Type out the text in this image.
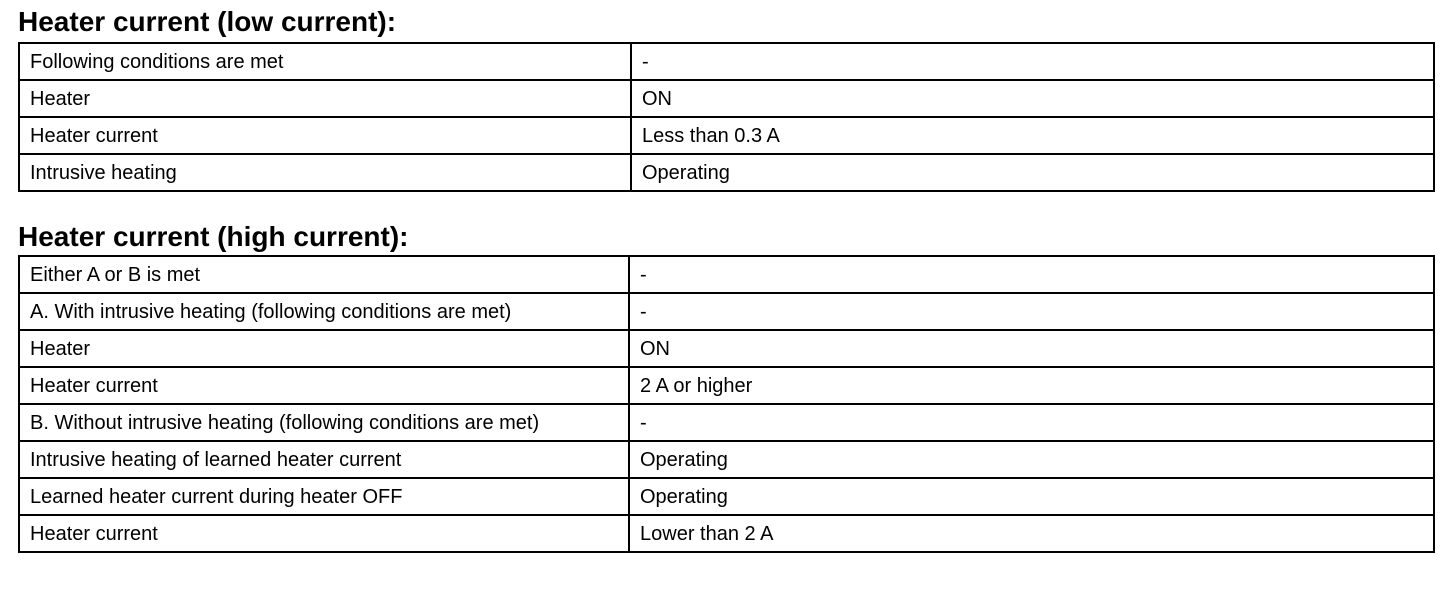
Heater current (low current):
Following conditions are met	-
Heater	ON
Heater current	Less than 0.3 A
Intrusive heating	Operating
Heater current (high current):
Either A or B is met	-
A. With intrusive heating (following conditions are met)	-
Heater	ON
Heater current	2 A or higher
B. Without intrusive heating (following conditions are met)	-
Intrusive heating of learned heater current	Operating
Learned heater current during heater OFF	Operating
Heater current	Lower than 2 A
